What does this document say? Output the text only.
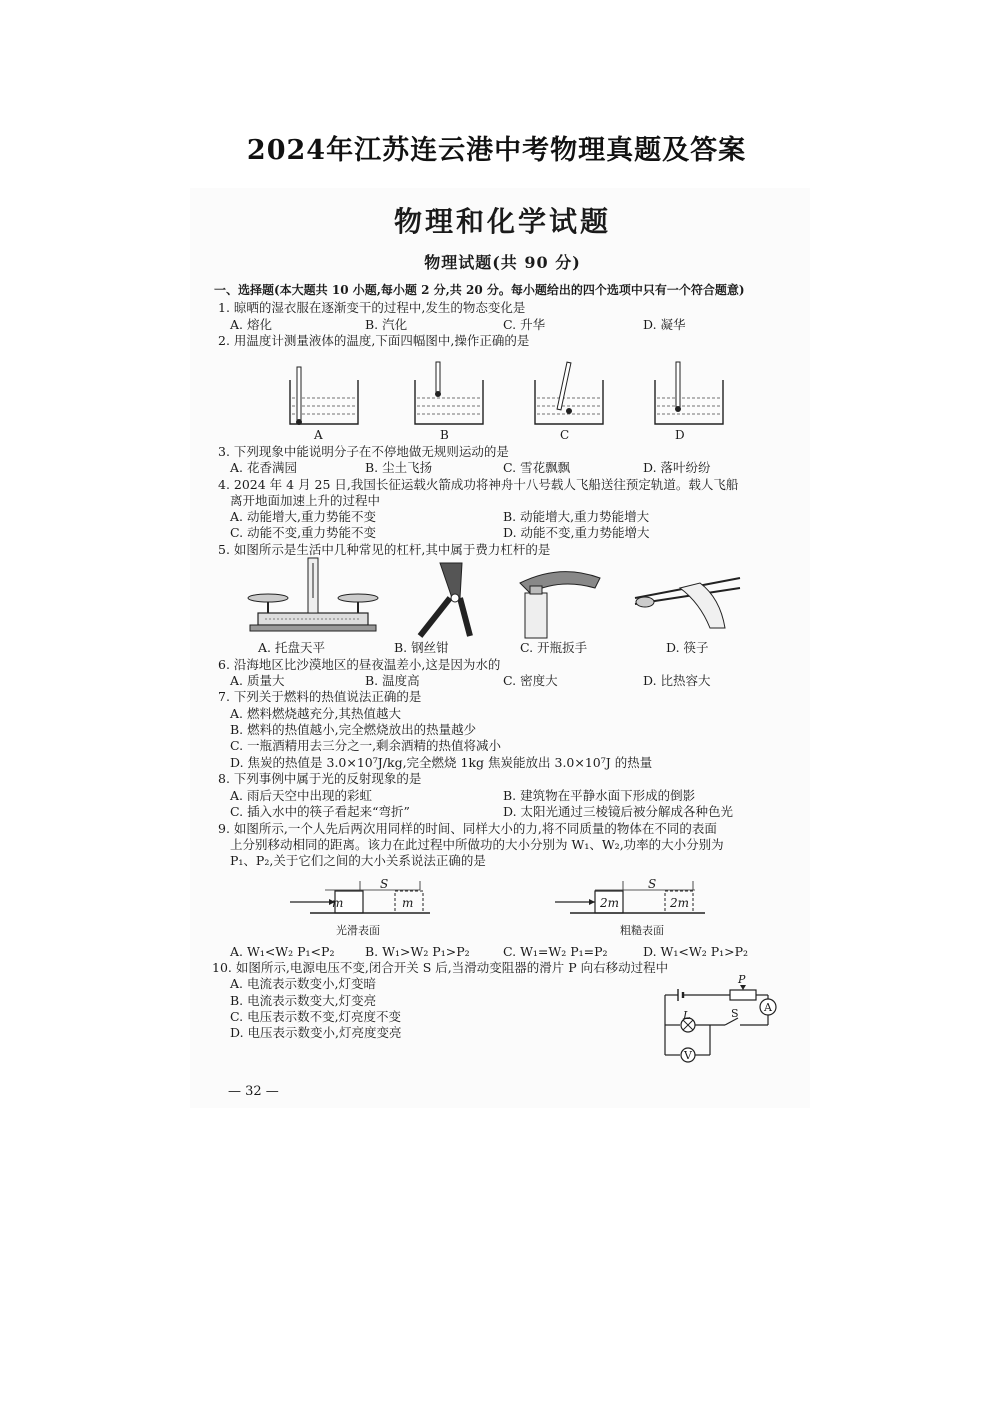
2024年江苏连云港中考物理真题及答案
物理和化学试题
物理试题(共 90 分)
一、选择题(本大题共 10 小题,每小题 2 分,共 20 分。每小题给出的四个选项中只有一个符合题意)
1. 晾晒的湿衣服在逐渐变干的过程中,发生的物态变化是
A. 熔化	B. 汽化	C. 升华	D. 凝华
2. 用温度计测量液体的温度,下面四幅图中,操作正确的是
A	B	C	D
3. 下列现象中能说明分子在不停地做无规则运动的是
A. 花香满园	B. 尘土飞扬	C. 雪花飘飘	D. 落叶纷纷
4. 2024 年 4 月 25 日,我国长征运载火箭成功将神舟十八号载人飞船送往预定轨道。载人飞船
离开地面加速上升的过程中
A. 动能增大,重力势能不变	B. 动能增大,重力势能增大
C. 动能不变,重力势能不变	D. 动能不变,重力势能增大
5. 如图所示是生活中几种常见的杠杆,其中属于费力杠杆的是
A. 托盘天平	B. 钢丝钳	C. 开瓶扳手	D. 筷子
6. 沿海地区比沙漠地区的昼夜温差小,这是因为水的
A. 质量大	B. 温度高	C. 密度大	D. 比热容大
7. 下列关于燃料的热值说法正确的是
A. 燃料燃烧越充分,其热值越大
B. 燃料的热值越小,完全燃烧放出的热量越少
C. 一瓶酒精用去三分之一,剩余酒精的热值将减小
D. 焦炭的热值是 3.0×10⁷J/kg,完全燃烧 1kg 焦炭能放出 3.0×10⁷J 的热量
8. 下列事例中属于光的反射现象的是
A. 雨后天空中出现的彩虹	B. 建筑物在平静水面下形成的倒影
C. 插入水中的筷子看起来“弯折”	D. 太阳光通过三棱镜后被分解成各种色光
9. 如图所示,一个人先后两次用同样的时间、同样大小的力,将不同质量的物体在不同的表面
上分别移动相同的距离。该力在此过程中所做功的大小分别为 W₁、W₂,功率的大小分别为
P₁、P₂,关于它们之间的大小关系说法正确的是
S
m	m
光滑表面
S
2m	2m
粗糙表面
A. W₁<W₂ P₁<P₂ B. W₁>W₂ P₁>P₂	C. W₁=W₂ P₁=P₂	D. W₁<W₂ P₁>P₂
10. 如图所示,电源电压不变,闭合开关 S 后,当滑动变阻器的滑片 P 向右移动过程中
A. 电流表示数变小,灯变暗
B. 电流表示数变大,灯变亮
C. 电压表示数不变,灯亮度不变
D. 电压表示数变小,灯亮度变亮
P
A
L	S
V
— 32 —
